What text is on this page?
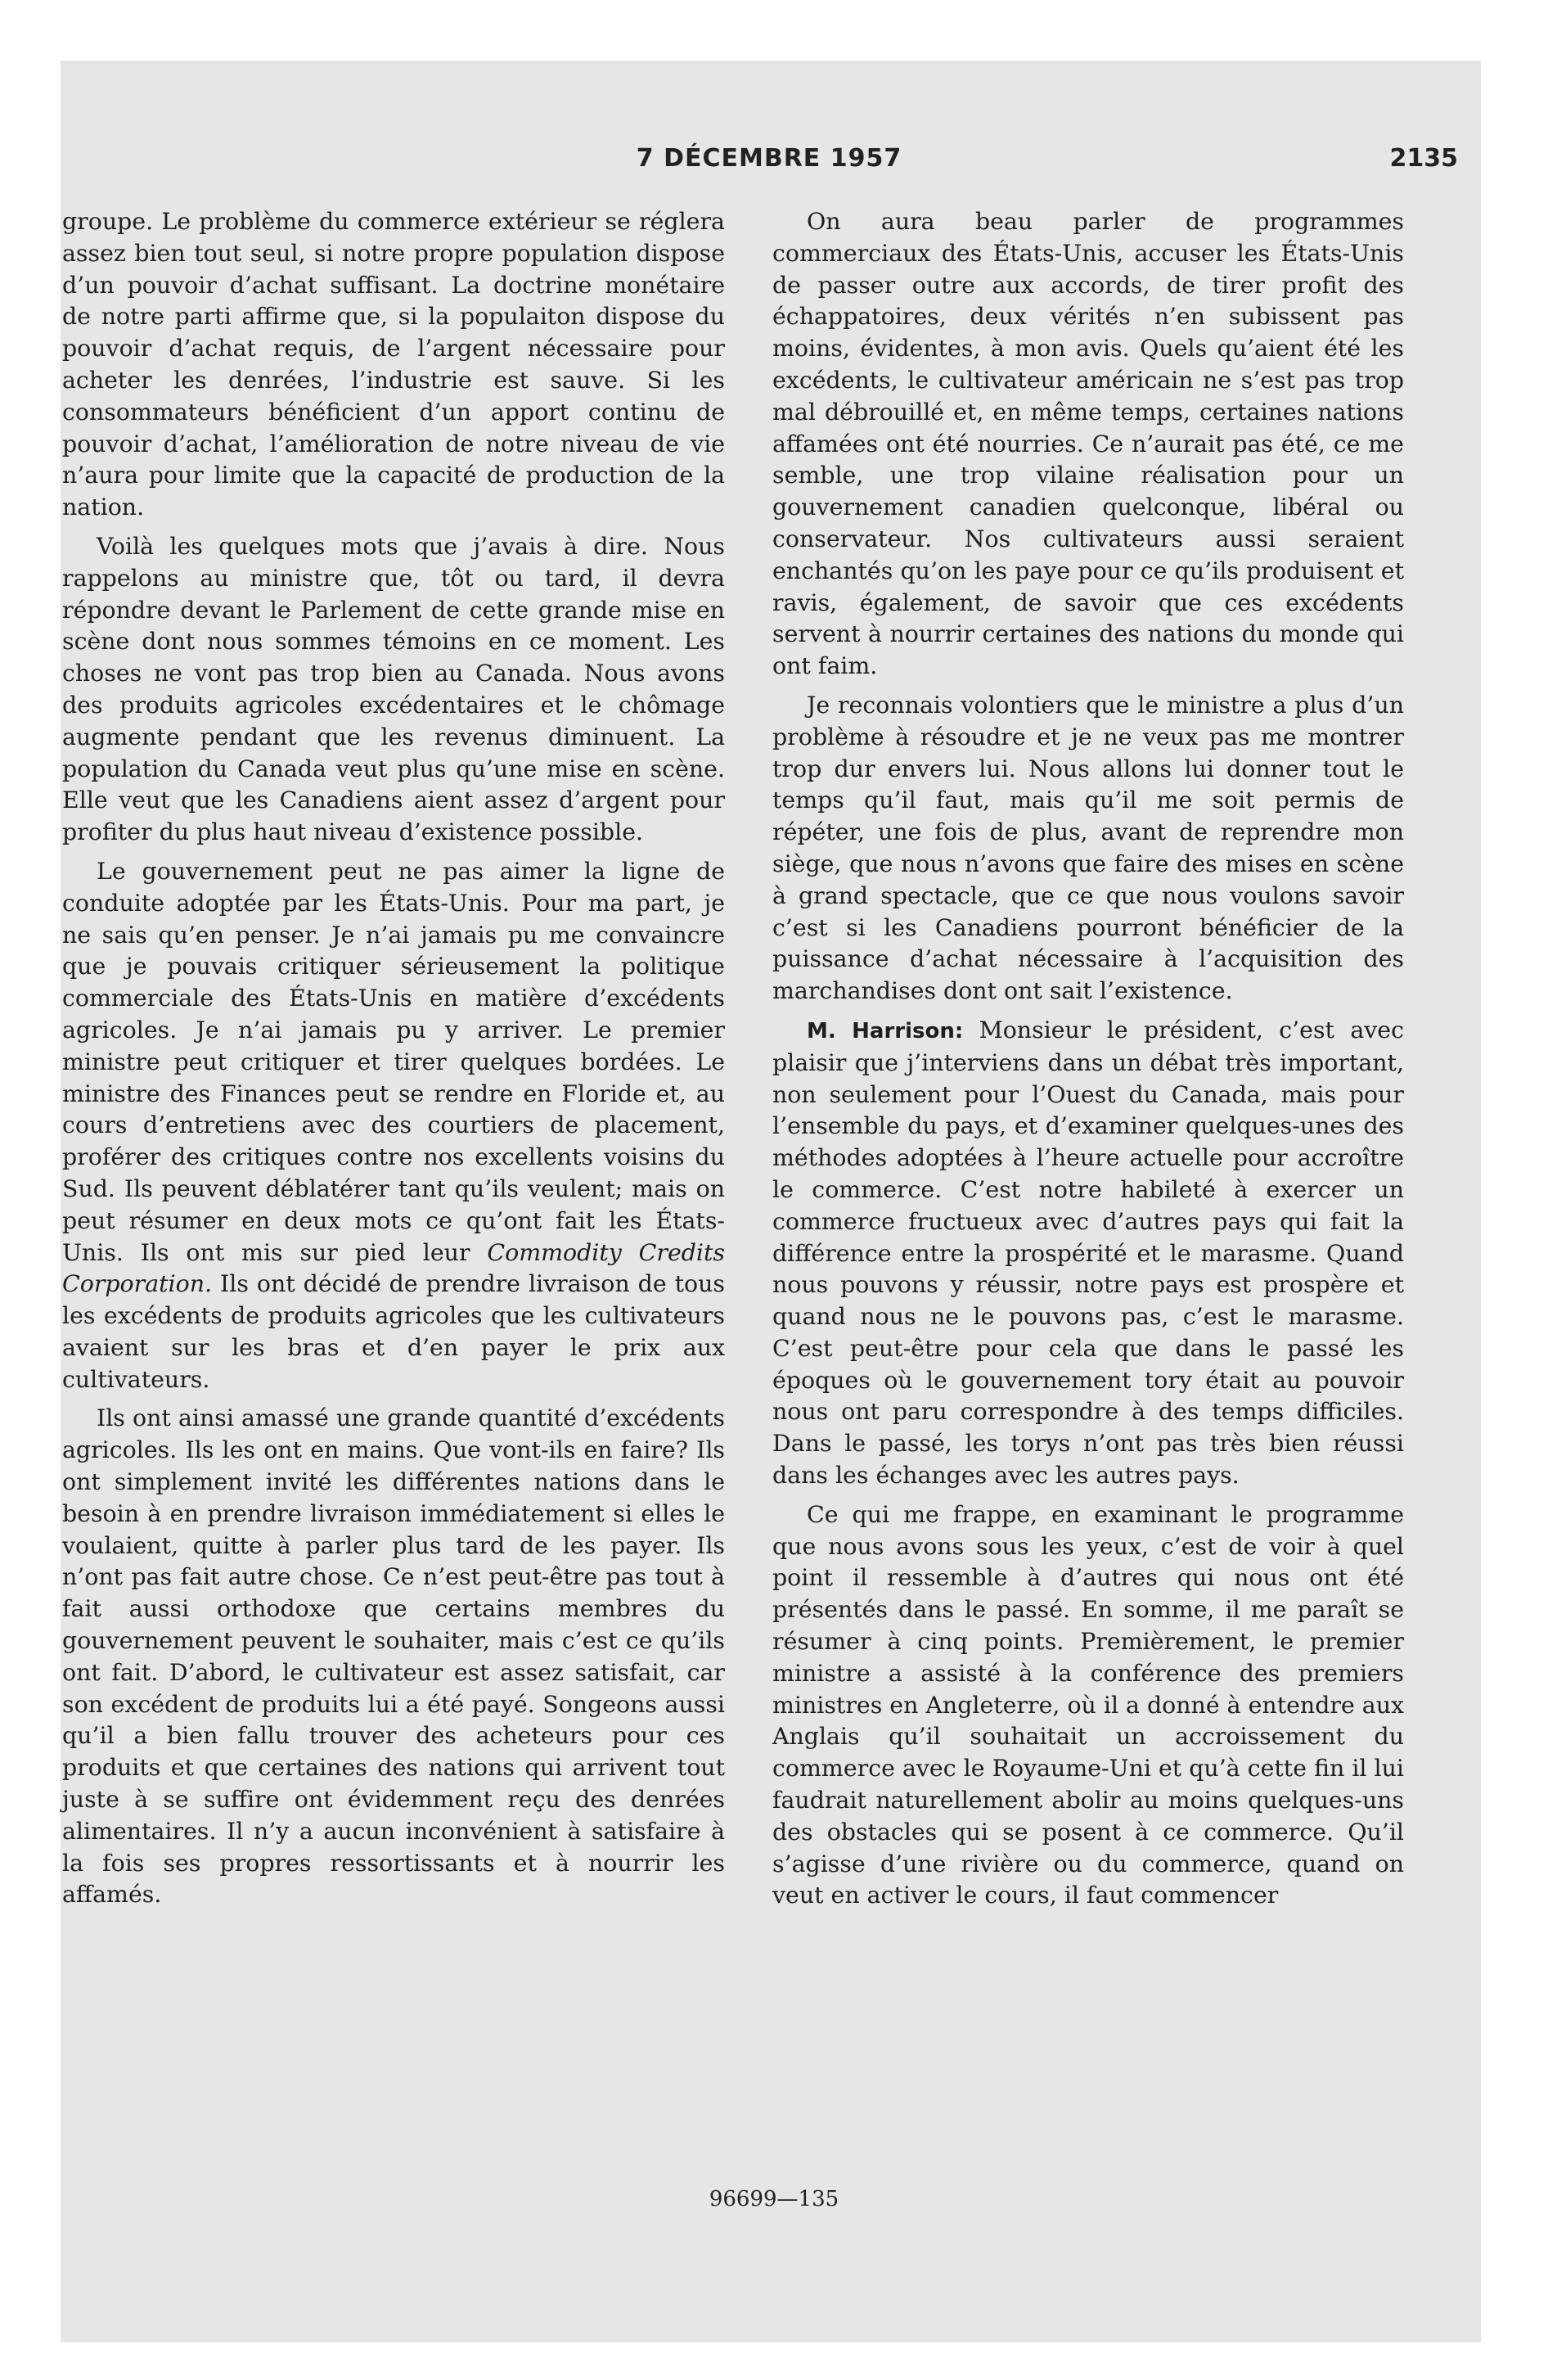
7 DÉCEMBRE 1957	2135

groupe. Le problème du commerce extérieur se réglera assez bien tout seul, si notre propre population dispose d’un pouvoir d’achat suffisant. La doctrine monétaire de notre parti affirme que, si la populaiton dispose du pouvoir d’achat requis, de l’argent nécessaire pour acheter les denrées, l’industrie est sauve. Si les consommateurs bénéficient d’un apport continu de pouvoir d’achat, l’amélioration de notre niveau de vie n’aura pour limite que la capacité de production de la nation.

Voilà les quelques mots que j’avais à dire. Nous rappelons au ministre que, tôt ou tard, il devra répondre devant le Parlement de cette grande mise en scène dont nous sommes témoins en ce moment. Les choses ne vont pas trop bien au Canada. Nous avons des produits agricoles excédentaires et le chômage augmente pendant que les revenus diminuent. La population du Canada veut plus qu’une mise en scène. Elle veut que les Canadiens aient assez d’argent pour profiter du plus haut niveau d’existence possible.

Le gouvernement peut ne pas aimer la ligne de conduite adoptée par les États-Unis. Pour ma part, je ne sais qu’en penser. Je n’ai jamais pu me convaincre que je pouvais critiquer sérieusement la politique commerciale des États-Unis en matière d’excédents agricoles. Je n’ai jamais pu y arriver. Le premier ministre peut critiquer et tirer quelques bordées. Le ministre des Finances peut se rendre en Floride et, au cours d’entretiens avec des courtiers de placement, proférer des critiques contre nos excellents voisins du Sud. Ils peuvent déblatérer tant qu’ils veulent; mais on peut résumer en deux mots ce qu’ont fait les États-Unis. Ils ont mis sur pied leur Commodity Credits Corporation. Ils ont décidé de prendre livraison de tous les excédents de produits agricoles que les cultivateurs avaient sur les bras et d’en payer le prix aux cultivateurs.

Ils ont ainsi amassé une grande quantité d’excédents agricoles. Ils les ont en mains. Que vont-ils en faire? Ils ont simplement invité les différentes nations dans le besoin à en prendre livraison immédiatement si elles le voulaient, quitte à parler plus tard de les payer. Ils n’ont pas fait autre chose. Ce n’est peut-être pas tout à fait aussi orthodoxe que certains membres du gouvernement peuvent le souhaiter, mais c’est ce qu’ils ont fait. D’abord, le cultivateur est assez satisfait, car son excédent de produits lui a été payé. Songeons aussi qu’il a bien fallu trouver des acheteurs pour ces produits et que certaines des nations qui arrivent tout juste à se suffire ont évidemment reçu des denrées alimentaires. Il n’y a aucun inconvénient à satisfaire à la fois ses propres ressortissants et à nourrir les affamés.

On aura beau parler de programmes commerciaux des États-Unis, accuser les États-Unis de passer outre aux accords, de tirer profit des échappatoires, deux vérités n’en subissent pas moins, évidentes, à mon avis. Quels qu’aient été les excédents, le cultivateur américain ne s’est pas trop mal débrouillé et, en même temps, certaines nations affamées ont été nourries. Ce n’aurait pas été, ce me semble, une trop vilaine réalisation pour un gouvernement canadien quelconque, libéral ou conservateur. Nos cultivateurs aussi seraient enchantés qu’on les paye pour ce qu’ils produisent et ravis, également, de savoir que ces excédents servent à nourrir certaines des nations du monde qui ont faim.

Je reconnais volontiers que le ministre a plus d’un problème à résoudre et je ne veux pas me montrer trop dur envers lui. Nous allons lui donner tout le temps qu’il faut, mais qu’il me soit permis de répéter, une fois de plus, avant de reprendre mon siège, que nous n’avons que faire des mises en scène à grand spectacle, que ce que nous voulons savoir c’est si les Canadiens pourront bénéficier de la puissance d’achat nécessaire à l’acquisition des marchandises dont ont sait l’existence.

M. Harrison: Monsieur le président, c’est avec plaisir que j’interviens dans un débat très important, non seulement pour l’Ouest du Canada, mais pour l’ensemble du pays, et d’examiner quelques-unes des méthodes adoptées à l’heure actuelle pour accroître le commerce. C’est notre habileté à exercer un commerce fructueux avec d’autres pays qui fait la différence entre la prospérité et le marasme. Quand nous pouvons y réussir, notre pays est prospère et quand nous ne le pouvons pas, c’est le marasme. C’est peut-être pour cela que dans le passé les époques où le gouvernement tory était au pouvoir nous ont paru correspondre à des temps difficiles. Dans le passé, les torys n’ont pas très bien réussi dans les échanges avec les autres pays.

Ce qui me frappe, en examinant le programme que nous avons sous les yeux, c’est de voir à quel point il ressemble à d’autres qui nous ont été présentés dans le passé. En somme, il me paraît se résumer à cinq points. Premièrement, le premier ministre a assisté à la conférence des premiers ministres en Angleterre, où il a donné à entendre aux Anglais qu’il souhaitait un accroissement du commerce avec le Royaume-Uni et qu’à cette fin il lui faudrait naturellement abolir au moins quelques-uns des obstacles qui se posent à ce commerce. Qu’il s’agisse d’une rivière ou du commerce, quand on veut en activer le cours, il faut commencer

96699—135
